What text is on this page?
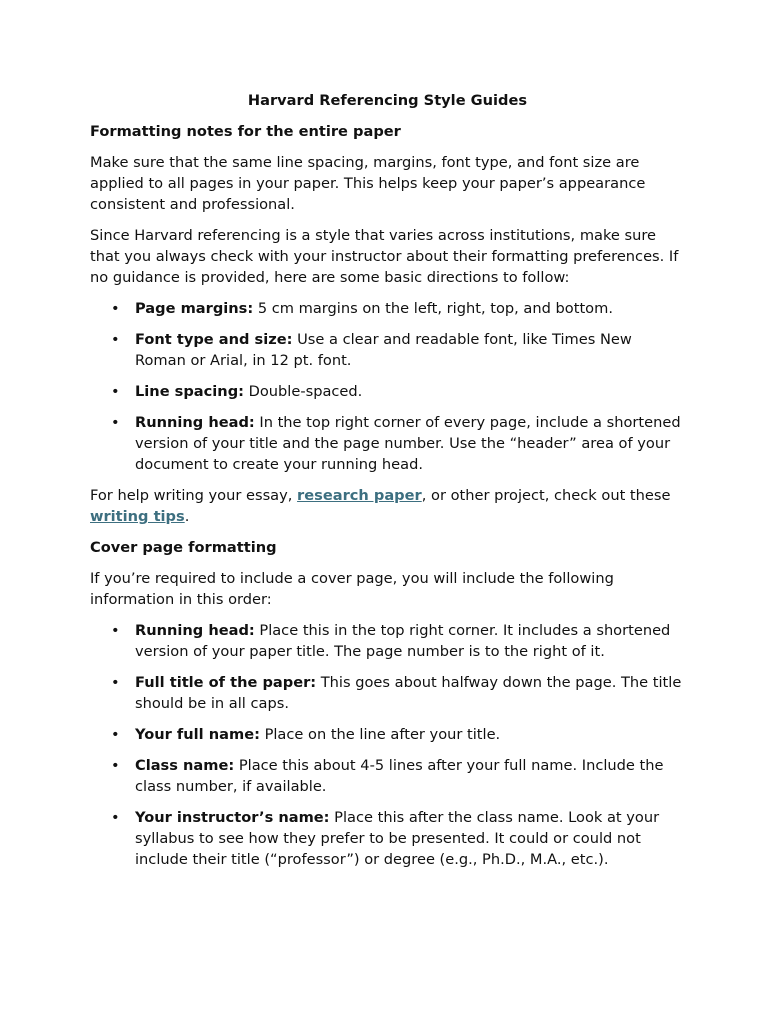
Harvard Referencing Style Guides
Formatting notes for the entire paper

Make sure that the same line spacing, margins, font type, and font size are applied to all pages in your paper. This helps keep your paper’s appearance consistent and professional.

Since Harvard referencing is a style that varies across institutions, make sure that you always check with your instructor about their formatting preferences. If no guidance is provided, here are some basic directions to follow:

• Page margins: 5 cm margins on the left, right, top, and bottom.
• Font type and size: Use a clear and readable font, like Times New Roman or Arial, in 12 pt. font.
• Line spacing: Double-spaced.
• Running head: In the top right corner of every page, include a shortened version of your title and the page number. Use the “header” area of your document to create your running head.

For help writing your essay, research paper, or other project, check out these writing tips.

Cover page formatting

If you’re required to include a cover page, you will include the following information in this order:

• Running head: Place this in the top right corner. It includes a shortened version of your paper title. The page number is to the right of it.
• Full title of the paper: This goes about halfway down the page. The title should be in all caps.
• Your full name: Place on the line after your title.
• Class name: Place this about 4-5 lines after your full name. Include the class number, if available.
• Your instructor’s name: Place this after the class name. Look at your syllabus to see how they prefer to be presented. It could or could not include their title (“professor”) or degree (e.g., Ph.D., M.A., etc.).
